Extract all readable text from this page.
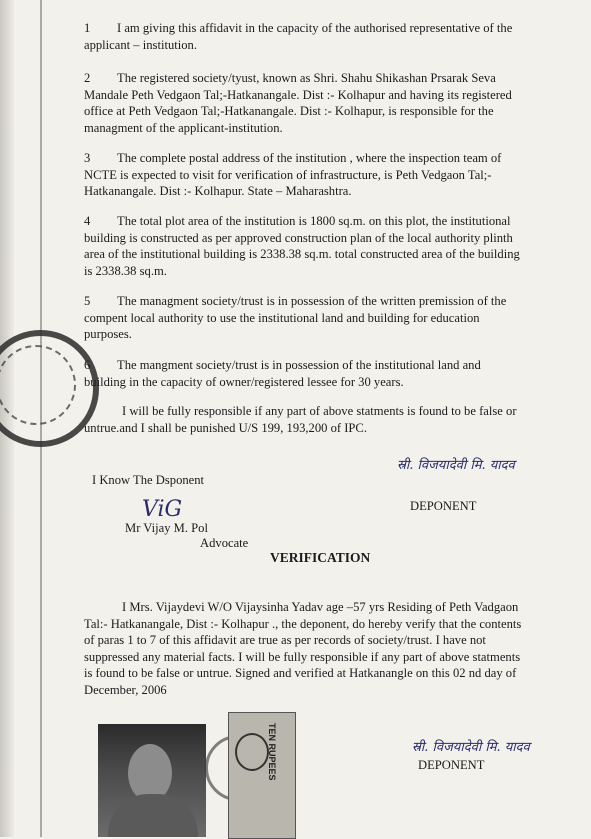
1 I am giving this affidavit in the capacity of the authorised representative of the applicant – institution.

2 The registered society/tyust, known as Shri. Shahu Shikashan Prsarak Seva Mandale Peth Vedgaon Tal;-Hatkanangale. Dist :- Kolhapur and having its registered office at Peth Vedgaon Tal;-Hatkanangale. Dist :- Kolhapur, is responsible for the managment of the applicant-institution.

3 The complete postal address of the institution , where the inspection team of NCTE is expected to visit for verification of infrastructure, is Peth Vedgaon Tal;-Hatkanangale. Dist :- Kolhapur. State – Maharashtra.

4 The total plot area of the institution is 1800 sq.m. on this plot, the institutional building is constructed as per approved construction plan of the local authority plinth area of the institutional building is 2338.38 sq.m. total constructed area of the building is 2338.38 sq.m.

5 The managment society/trust is in possession of the written premission of the compent local authority to use the institutional land and building for education purposes.

6 The mangment society/trust is in possession of the institutional land and building in the capacity of owner/registered lessee for 30 years.

I will be fully responsible if any part of above statments is found to be false or untrue.and I shall be punished U/S 199, 193,200 of IPC.

I Know The Dsponent
स्री. विजयादेवी मि. यादव
DEPONENT
ViG
Mr Vijay M. Pol
Advocate
VERIFICATION

I Mrs. Vijaydevi W/O Vijaysinha Yadav age –57 yrs Residing of Peth Vadgaon Tal:- Hatkanangale, Dist :- Kolhapur ., the deponent, do hereby verify that the contents of paras 1 to 7 of this affidavit are true as per records of society/trust. I have not suppressed any material facts. I will be fully responsible if any part of above statments is found to be false or untrue. Signed and verified at Hatkanangle on this 02 nd day of December, 2006

TEN RUPEES	स्री. विजयादेवी मि. यादव
DEPONENT
